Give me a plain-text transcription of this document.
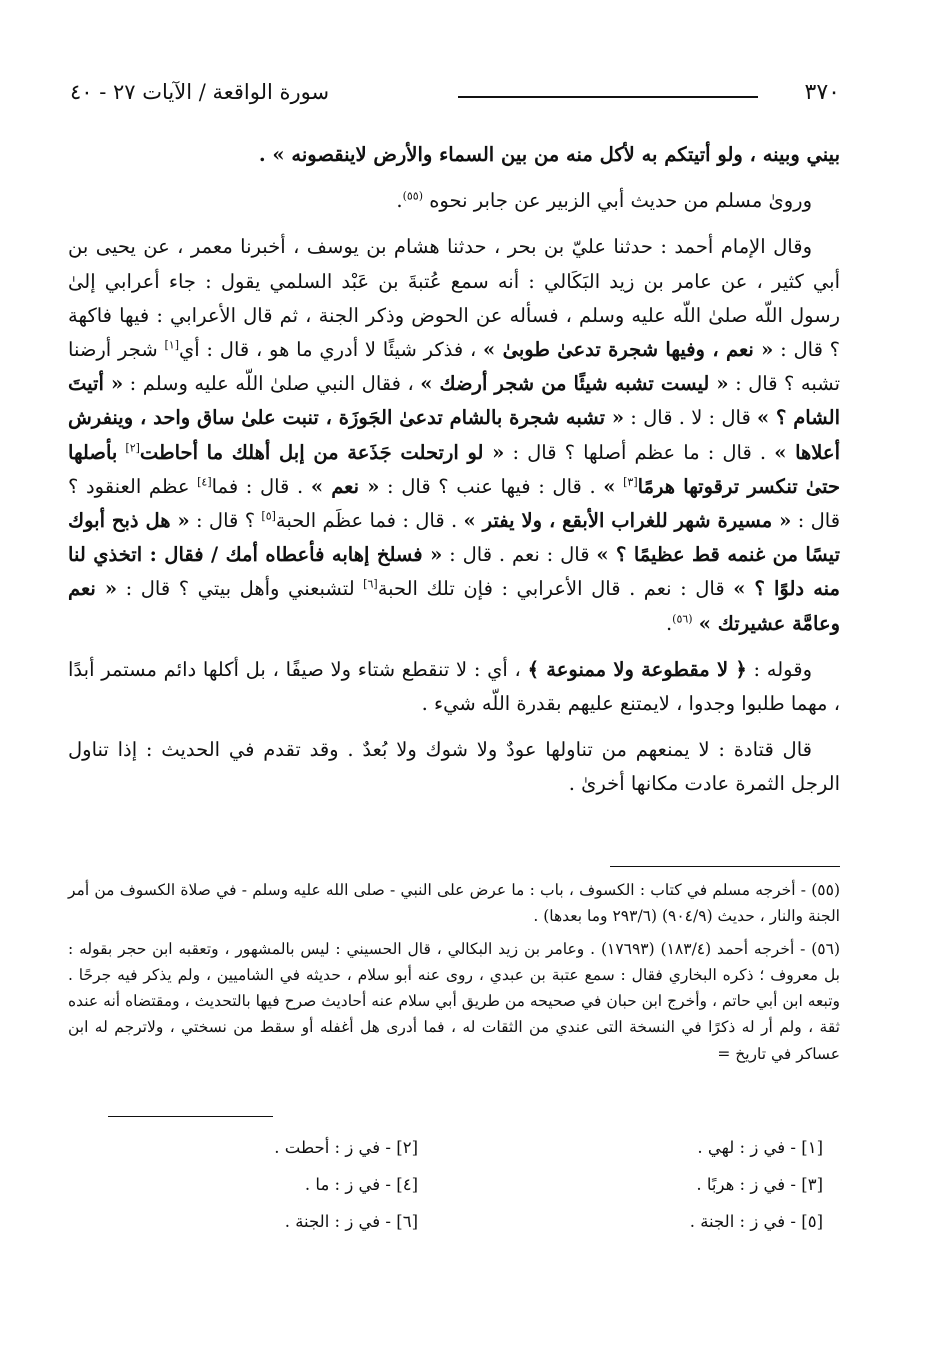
٣٧٠
سورة الواقعة / الآيات ٢٧ - ٤٠

بيني وبينه ، ولو أتيتكم به لأكل منه من بين السماء والأرض لاينقصونه » .

وروىٰ مسلم من حديث أبي الزبير عن جابر نحوه $^{(٥٥)}$.

وقال الإمام أحمد : حدثنا عليّ بن بحر ، حدثنا هشام بن يوسف ، أخبرنا معمر ، عن يحيى بن أبي كثير ، عن عامر بن زيد البَكَالي : أنه سمع عُتبةَ بن عَبْد السلمي يقول : جاء أعرابي إلىٰ رسول اللّه صلىٰ اللّه عليه وسلم ، فسأله عن الحوض وذكر الجنة ، ثم قال الأعرابي : فيها فاكهة ؟ قال : « نعم ، وفيها شجرة تدعىٰ طوبىٰ » ، فذكر شيئًا لا أدري ما هو ، قال : أي[١] شجر أرضنا تشبه ؟ قال : « ليست تشبه شيئًا من شجر أرضك » ، فقال النبي صلىٰ اللّه عليه وسلم : « أتيتَ الشام ؟ » قال : لا . قال : « تشبه شجرة بالشام تدعىٰ الجَوزَة ، تنبت علىٰ ساق واحد ، وينفرش أعلاها » . قال : ما عظم أصلها ؟ قال : « لو ارتحلت جَذَعة من إبل أهلك ما أحاطت[٢] بأصلها حتىٰ تنكسر ترقوتها هرمًا[٣] » . قال : فيها عنب ؟ قال : « نعم » . قال : فما[٤] عظم العنقود ؟ قال : « مسيرة شهر للغراب الأبقع ، ولا يفتر » . قال : فما عظَم الحبة[٥] ؟ قال : « هل ذبح أبوك تيسًا من غنمه قط عظيمًا ؟ » قال : نعم . قال : « فسلخ إهابه فأعطاه أمك / فقال : اتخذي لنا منه دلوًا ؟ » قال : نعم . قال الأعرابي : فإن تلك الحبة[٦] لتشبعني وأهل بيتي ؟ قال : « نعم وعامَّة عشيرتك » $^{(٥٦)}$.

وقوله : ﴿ لا مقطوعة ولا ممنوعة ﴾ ، أي : لا تنقطع شتاء ولا صيفًا ، بل أكلها دائم مستمر أبدًا ، مهما طلبوا وجدوا ، لايمتنع عليهم بقدرة اللّه شيء .

قال قتادة : لا يمنعهم من تناولها عودٌ ولا شوك ولا بُعدٌ . وقد تقدم في الحديث : إذا تناول الرجل الثمرة عادت مكانها أخرىٰ .

(٥٥) - أخرجه مسلم في كتاب : الكسوف ، باب : ما عرض على النبي - صلى الله عليه وسلم - في صلاة الكسوف من أمر الجنة والنار ، حديث (٩٠٤/٩) (٢٩٣/٦ وما بعدها) .

(٥٦) - أخرجه أحمد (١٨٣/٤) (١٧٦٩٣) . وعامر بن زيد البكالي ، قال الحسيني : ليس بالمشهور ، وتعقبه ابن حجر بقوله : بل معروف ؛ ذكره البخاري فقال : سمع عتبة بن عبدي ، روى عنه أبو سلام ، حديثه في الشاميين ، ولم يذكر فيه جرحًا . وتبعه ابن أبي حاتم ، وأخرج ابن حبان في صحيحه من طريق أبي سلام عنه أحاديث صرح فيها بالتحديث ، ومقتضاه أنه عنده ثقة ، ولم أر له ذكرًا في النسخة التى عندي من الثقات له ، فما أدرى هل أغفله أو سقط من نسختي ، ولاترجم له ابن عساكر في تاريخ =

[١] - في ز : لهي .
[٣] - في ز : هربًا .
[٥] - في ز : الجنة .
[٢] - في ز : أحطت .
[٤] - في ز : ما .
[٦] - في ز : الجنة .
